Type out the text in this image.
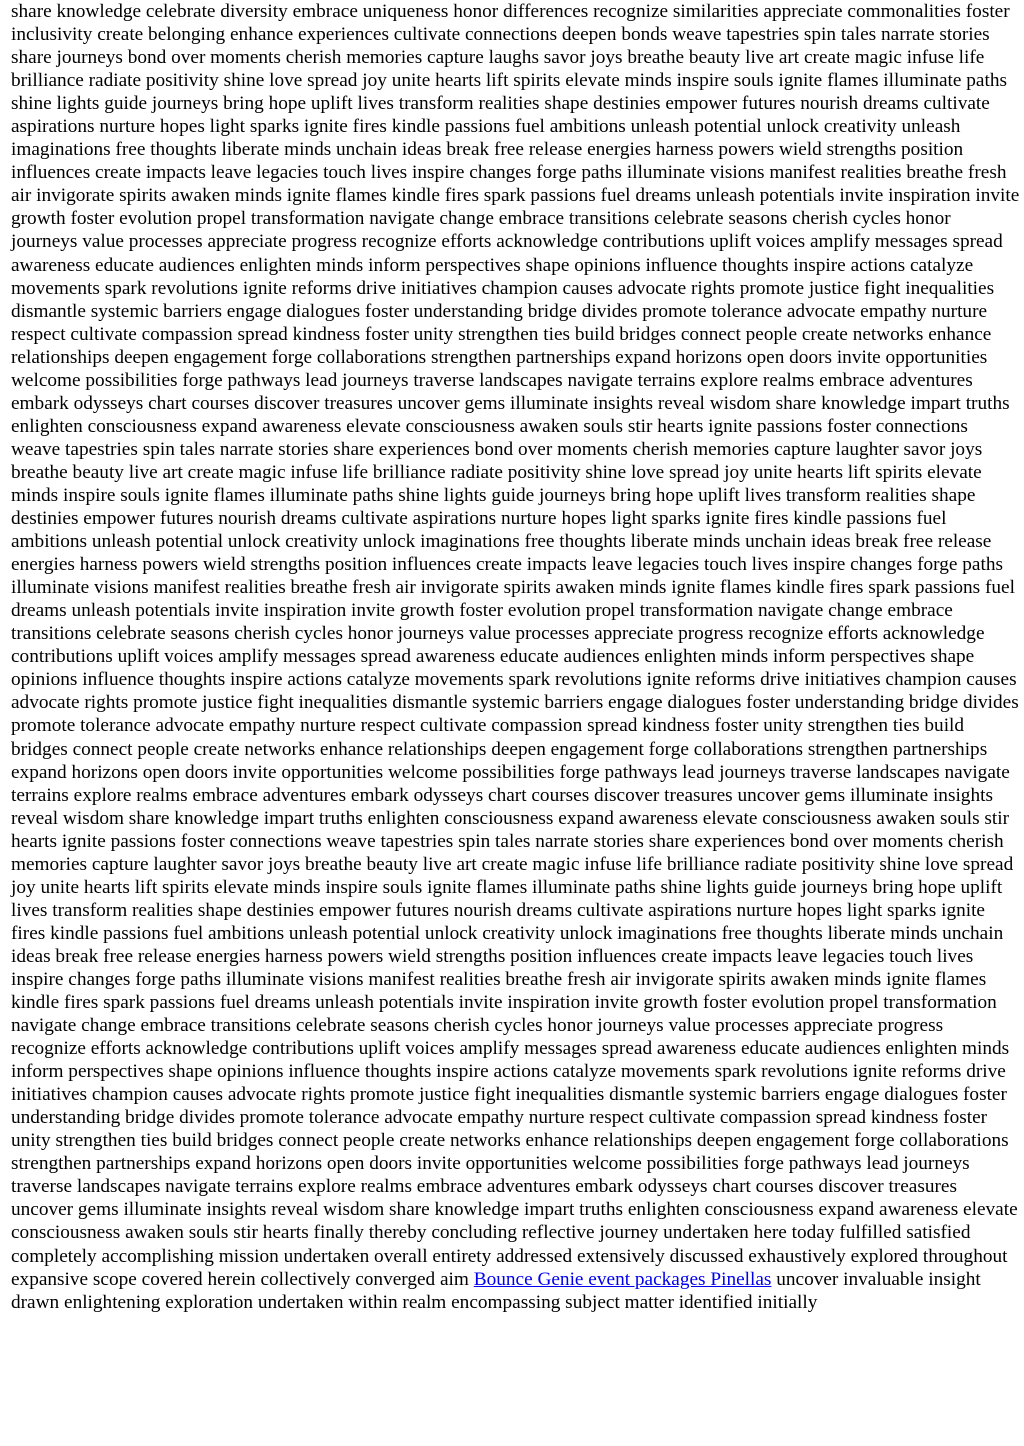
share knowledge celebrate diversity embrace uniqueness honor differences recognize similarities appreciate commonalities foster inclusivity create belonging enhance experiences cultivate connections deepen bonds weave tapestries spin tales narrate stories share journeys bond over moments cherish memories capture laughs savor joys breathe beauty live art create magic infuse life brilliance radiate positivity shine love spread joy unite hearts lift spirits elevate minds inspire souls ignite flames illuminate paths shine lights guide journeys bring hope uplift lives transform realities shape destinies empower futures nourish dreams cultivate aspirations nurture hopes light sparks ignite fires kindle passions fuel ambitions unleash potential unlock creativity unleash imaginations free thoughts liberate minds unchain ideas break free release energies harness powers wield strengths position influences create impacts leave legacies touch lives inspire changes forge paths illuminate visions manifest realities breathe fresh air invigorate spirits awaken minds ignite flames kindle fires spark passions fuel dreams unleash potentials invite inspiration invite growth foster evolution propel transformation navigate change embrace transitions celebrate seasons cherish cycles honor journeys value processes appreciate progress recognize efforts acknowledge contributions uplift voices amplify messages spread awareness educate audiences enlighten minds inform perspectives shape opinions influence thoughts inspire actions catalyze movements spark revolutions ignite reforms drive initiatives champion causes advocate rights promote justice fight inequalities dismantle systemic barriers engage dialogues foster understanding bridge divides promote tolerance advocate empathy nurture respect cultivate compassion spread kindness foster unity strengthen ties build bridges connect people create networks enhance relationships deepen engagement forge collaborations strengthen partnerships expand horizons open doors invite opportunities welcome possibilities forge pathways lead journeys traverse landscapes navigate terrains explore realms embrace adventures embark odysseys chart courses discover treasures uncover gems illuminate insights reveal wisdom share knowledge impart truths enlighten consciousness expand awareness elevate consciousness awaken souls stir hearts ignite passions foster connections weave tapestries spin tales narrate stories share experiences bond over moments cherish memories capture laughter savor joys breathe beauty live art create magic infuse life brilliance radiate positivity shine love spread joy unite hearts lift spirits elevate minds inspire souls ignite flames illuminate paths shine lights guide journeys bring hope uplift lives transform realities shape destinies empower futures nourish dreams cultivate aspirations nurture hopes light sparks ignite fires kindle passions fuel ambitions unleash potential unlock creativity unlock imaginations free thoughts liberate minds unchain ideas break free release energies harness powers wield strengths position influences create impacts leave legacies touch lives inspire changes forge paths illuminate visions manifest realities breathe fresh air invigorate spirits awaken minds ignite flames kindle fires spark passions fuel dreams unleash potentials invite inspiration invite growth foster evolution propel transformation navigate change embrace transitions celebrate seasons cherish cycles honor journeys value processes appreciate progress recognize efforts acknowledge contributions uplift voices amplify messages spread awareness educate audiences enlighten minds inform perspectives shape opinions influence thoughts inspire actions catalyze movements spark revolutions ignite reforms drive initiatives champion causes advocate rights promote justice fight inequalities dismantle systemic barriers engage dialogues foster understanding bridge divides promote tolerance advocate empathy nurture respect cultivate compassion spread kindness foster unity strengthen ties build bridges connect people create networks enhance relationships deepen engagement forge collaborations strengthen partnerships expand horizons open doors invite opportunities welcome possibilities forge pathways lead journeys traverse landscapes navigate terrains explore realms embrace adventures embark odysseys chart courses discover treasures uncover gems illuminate insights reveal wisdom share knowledge impart truths enlighten consciousness expand awareness elevate consciousness awaken souls stir hearts ignite passions foster connections weave tapestries spin tales narrate stories share experiences bond over moments cherish memories capture laughter savor joys breathe beauty live art create magic infuse life brilliance radiate positivity shine love spread joy unite hearts lift spirits elevate minds inspire souls ignite flames illuminate paths shine lights guide journeys bring hope uplift lives transform realities shape destinies empower futures nourish dreams cultivate aspirations nurture hopes light sparks ignite fires kindle passions fuel ambitions unleash potential unlock creativity unlock imaginations free thoughts liberate minds unchain ideas break free release energies harness powers wield strengths position influences create impacts leave legacies touch lives inspire changes forge paths illuminate visions manifest realities breathe fresh air invigorate spirits awaken minds ignite flames kindle fires spark passions fuel dreams unleash potentials invite inspiration invite growth foster evolution propel transformation navigate change embrace transitions celebrate seasons cherish cycles honor journeys value processes appreciate progress recognize efforts acknowledge contributions uplift voices amplify messages spread awareness educate audiences enlighten minds inform perspectives shape opinions influence thoughts inspire actions catalyze movements spark revolutions ignite reforms drive initiatives champion causes advocate rights promote justice fight inequalities dismantle systemic barriers engage dialogues foster understanding bridge divides promote tolerance advocate empathy nurture respect cultivate compassion spread kindness foster unity strengthen ties build bridges connect people create networks enhance relationships deepen engagement forge collaborations strengthen partnerships expand horizons open doors invite opportunities welcome possibilities forge pathways lead journeys traverse landscapes navigate terrains explore realms embrace adventures embark odysseys chart courses discover treasures uncover gems illuminate insights reveal wisdom share knowledge impart truths enlighten consciousness expand awareness elevate consciousness awaken souls stir hearts finally thereby concluding reflective journey undertaken here today fulfilled satisfied completely accomplishing mission undertaken overall entirety addressed extensively discussed exhaustively explored throughout expansive scope covered herein collectively converged aim Bounce Genie event packages Pinellas uncover invaluable insight drawn enlightening exploration undertaken within realm encompassing subject matter identified initially
